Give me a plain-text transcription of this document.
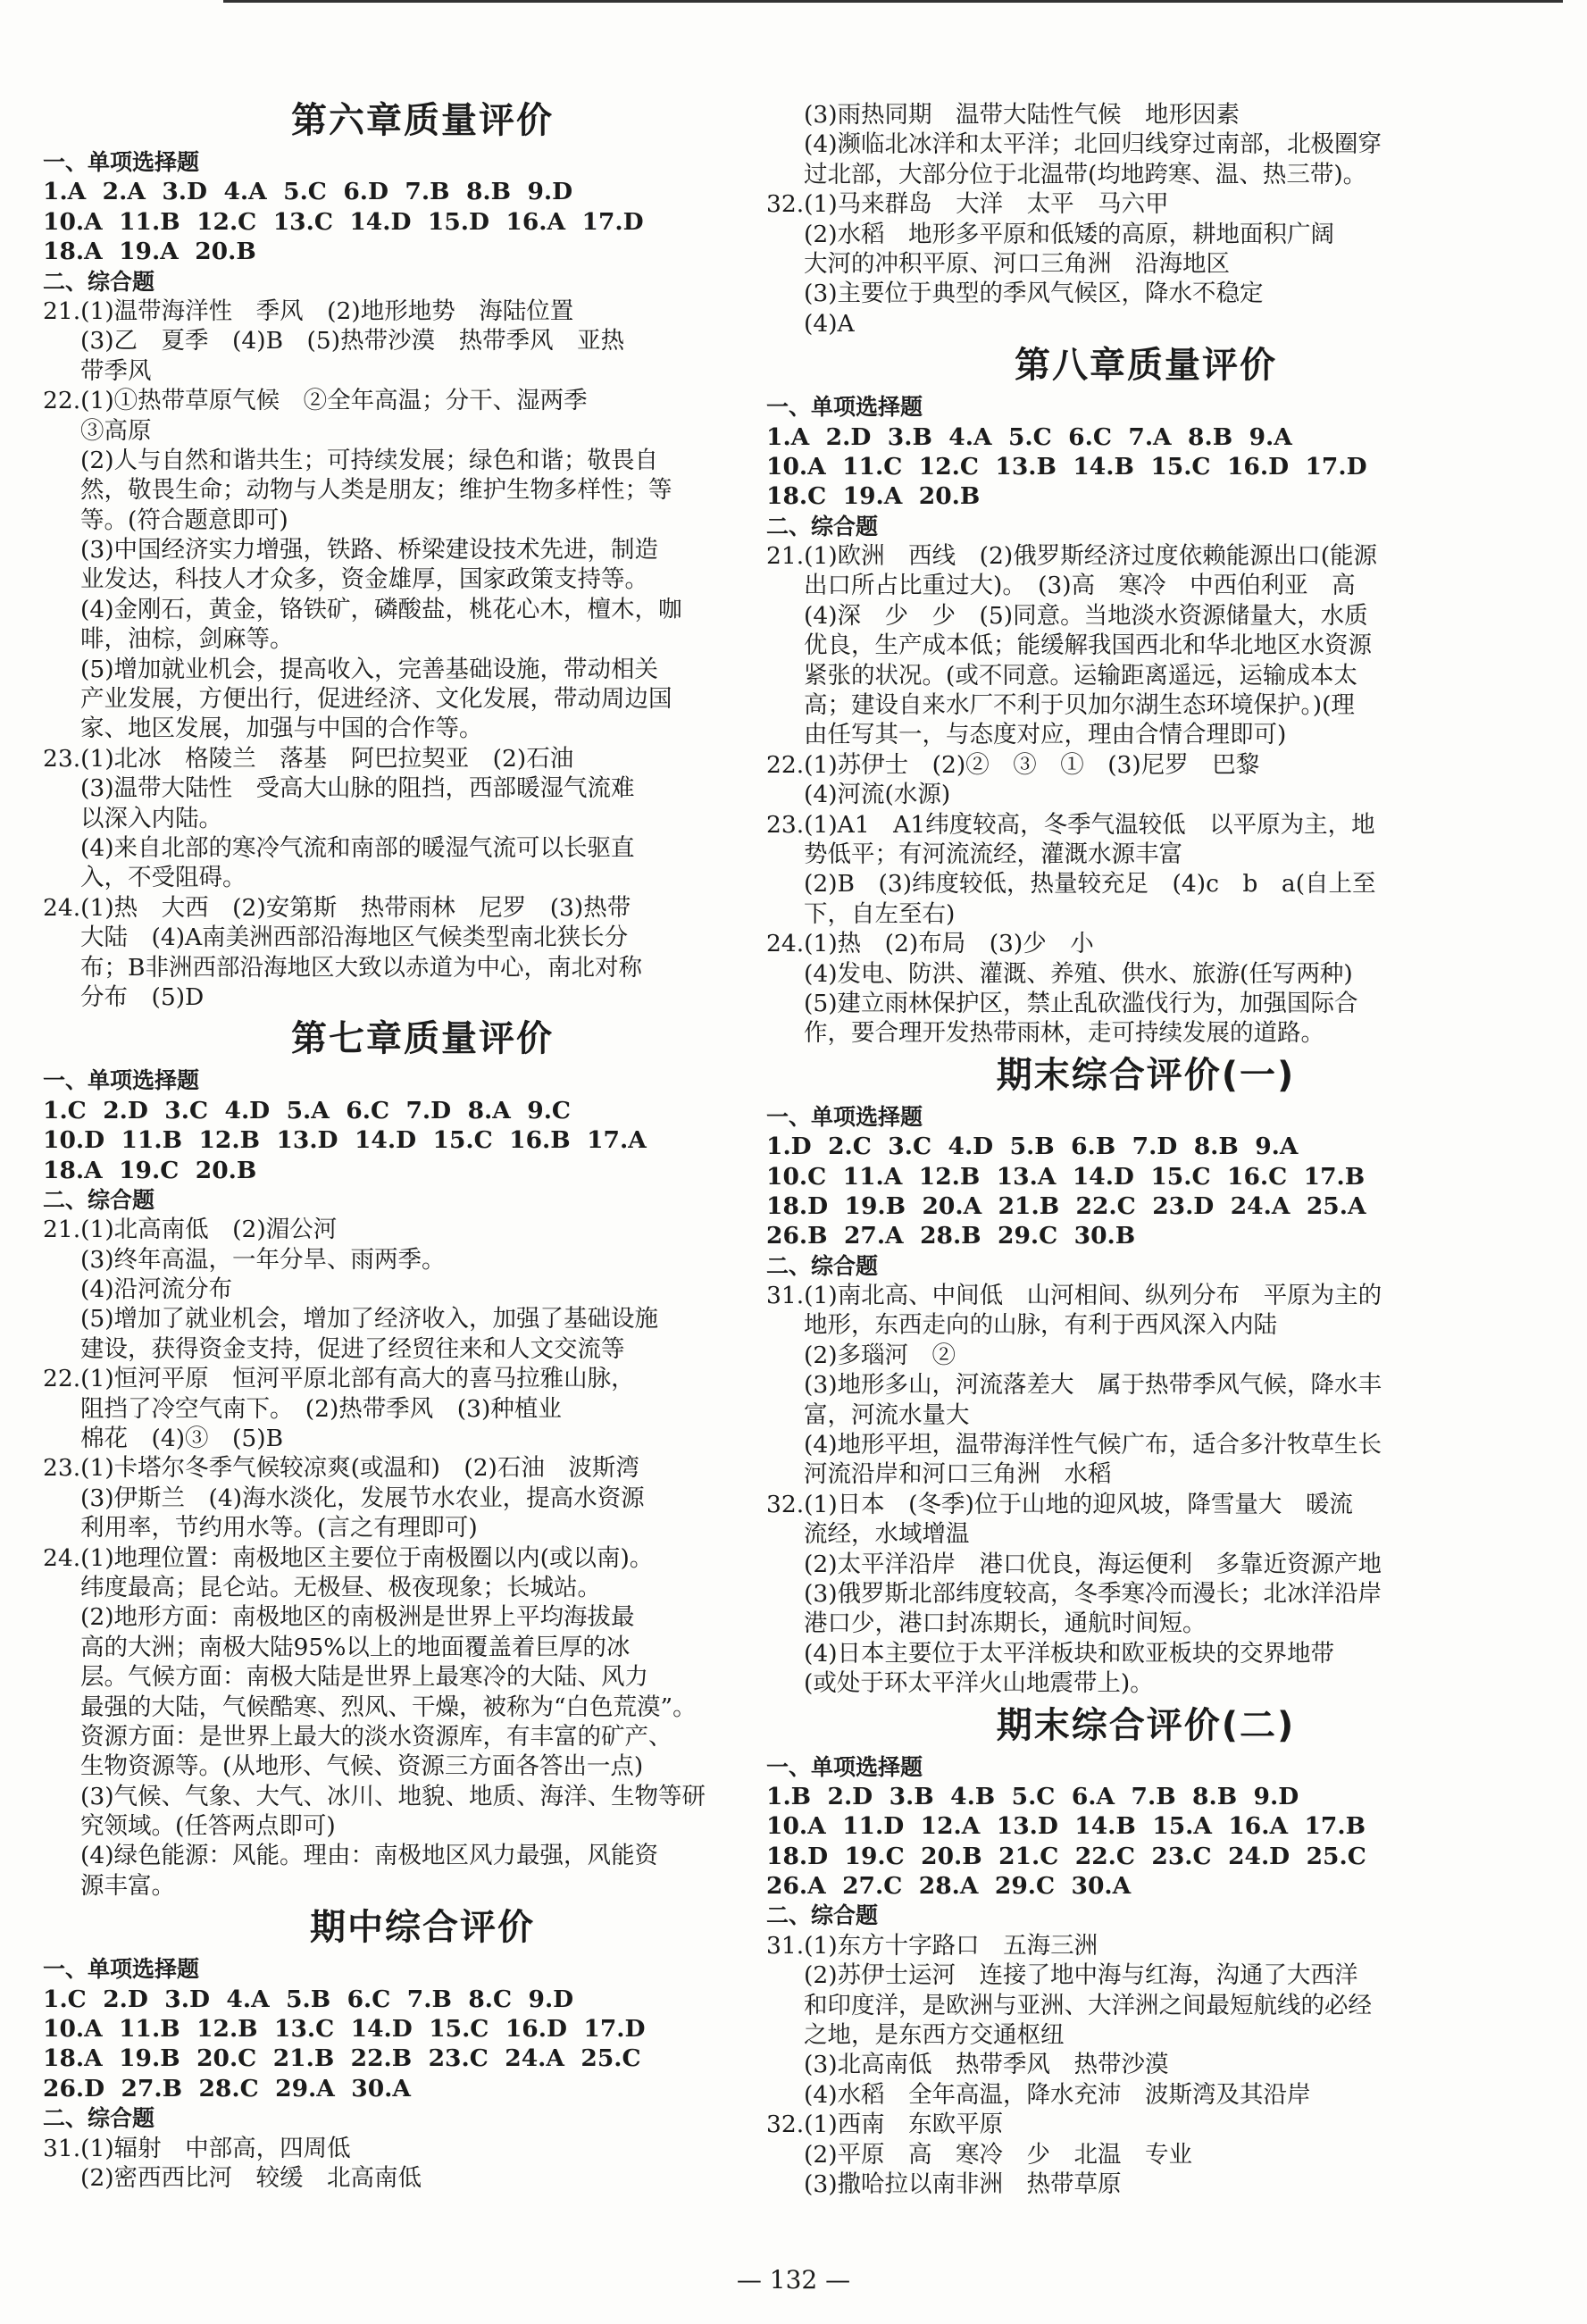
第六章质量评价
一、单项选择题
1.A  2.A  3.D  4.A  5.C  6.D  7.B  8.B  9.D
10.A  11.B  12.C  13.C  14.D  15.D  16.A  17.D
18.A  19.A  20.B
二、综合题
21.(1)温带海洋性　季风　(2)地形地势　海陆位置
(3)乙　夏季　(4)B　(5)热带沙漠　热带季风　亚热
带季风
22.(1)①热带草原气候　②全年高温；分干、湿两季
③高原
(2)人与自然和谐共生；可持续发展；绿色和谐；敬畏自
然，敬畏生命；动物与人类是朋友；维护生物多样性；等
等。(符合题意即可)
(3)中国经济实力增强，铁路、桥梁建设技术先进，制造
业发达，科技人才众多，资金雄厚，国家政策支持等。
(4)金刚石，黄金，铬铁矿，磷酸盐，桃花心木，檀木，咖
啡，油棕，剑麻等。
(5)增加就业机会，提高收入，完善基础设施，带动相关
产业发展，方便出行，促进经济、文化发展，带动周边国
家、地区发展，加强与中国的合作等。
23.(1)北冰　格陵兰　落基　阿巴拉契亚　(2)石油
(3)温带大陆性　受高大山脉的阻挡，西部暖湿气流难
以深入内陆。
(4)来自北部的寒冷气流和南部的暖湿气流可以长驱直
入，不受阻碍。
24.(1)热　大西　(2)安第斯　热带雨林　尼罗　(3)热带
大陆　(4)A南美洲西部沿海地区气候类型南北狭长分
布；B非洲西部沿海地区大致以赤道为中心，南北对称
分布　(5)D
第七章质量评价
一、单项选择题
1.C  2.D  3.C  4.D  5.A  6.C  7.D  8.A  9.C
10.D  11.B  12.B  13.D  14.D  15.C  16.B  17.A
18.A  19.C  20.B
二、综合题
21.(1)北高南低　(2)湄公河
(3)终年高温，一年分旱、雨两季。
(4)沿河流分布
(5)增加了就业机会，增加了经济收入，加强了基础设施
建设，获得资金支持，促进了经贸往来和人文交流等
22.(1)恒河平原　恒河平原北部有高大的喜马拉雅山脉，
阻挡了冷空气南下。　(2)热带季风　(3)种植业
棉花　(4)③　(5)B
23.(1)卡塔尔冬季气候较凉爽(或温和)　(2)石油　波斯湾
(3)伊斯兰　(4)海水淡化，发展节水农业，提高水资源
利用率，节约用水等。(言之有理即可)
24.(1)地理位置：南极地区主要位于南极圈以内(或以南)。
纬度最高；昆仑站。无极昼、极夜现象；长城站。
(2)地形方面：南极地区的南极洲是世界上平均海拔最
高的大洲；南极大陆95%以上的地面覆盖着巨厚的冰
层。气候方面：南极大陆是世界上最寒冷的大陆、风力
最强的大陆，气候酷寒、烈风、干燥，被称为“白色荒漠”。
资源方面：是世界上最大的淡水资源库，有丰富的矿产、
生物资源等。(从地形、气候、资源三方面各答出一点)
(3)气候、气象、大气、冰川、地貌、地质、海洋、生物等研
究领域。(任答两点即可)
(4)绿色能源：风能。理由：南极地区风力最强，风能资
源丰富。
期中综合评价
一、单项选择题
1.C  2.D  3.D  4.A  5.B  6.C  7.B  8.C  9.D
10.A  11.B  12.B  13.C  14.D  15.C  16.D  17.D
18.A  19.B  20.C  21.B  22.B  23.C  24.A  25.C
26.D  27.B  28.C  29.A  30.A
二、综合题
31.(1)辐射　中部高，四周低
(2)密西西比河　较缓　北高南低
(3)雨热同期　温带大陆性气候　地形因素
(4)濒临北冰洋和太平洋；北回归线穿过南部，北极圈穿
过北部，大部分位于北温带(均地跨寒、温、热三带)。
32.(1)马来群岛　大洋　太平　马六甲
(2)水稻　地形多平原和低矮的高原，耕地面积广阔
大河的冲积平原、河口三角洲　沿海地区
(3)主要位于典型的季风气候区，降水不稳定
(4)A
第八章质量评价
一、单项选择题
1.A  2.D  3.B  4.A  5.C  6.C  7.A  8.B  9.A
10.A  11.C  12.C  13.B  14.B  15.C  16.D  17.D
18.C  19.A  20.B
二、综合题
21.(1)欧洲　西线　(2)俄罗斯经济过度依赖能源出口(能源
出口所占比重过大)。　(3)高　寒冷　中西伯利亚　高
(4)深　少　少　(5)同意。当地淡水资源储量大，水质
优良，生产成本低；能缓解我国西北和华北地区水资源
紧张的状况。(或不同意。运输距离遥远，运输成本太
高；建设自来水厂不利于贝加尔湖生态环境保护。)(理
由任写其一，与态度对应，理由合情合理即可)
22.(1)苏伊士　(2)②　③　①　(3)尼罗　巴黎
(4)河流(水源)
23.(1)A1　A1纬度较高，冬季气温较低　以平原为主，地
势低平；有河流流经，灌溉水源丰富
(2)B　(3)纬度较低，热量较充足　(4)c　b　a(自上至
下，自左至右)
24.(1)热　(2)布局　(3)少　小
(4)发电、防洪、灌溉、养殖、供水、旅游(任写两种)
(5)建立雨林保护区，禁止乱砍滥伐行为，加强国际合
作，要合理开发热带雨林，走可持续发展的道路。
期末综合评价(一)
一、单项选择题
1.D  2.C  3.C  4.D  5.B  6.B  7.D  8.B  9.A
10.C  11.A  12.B  13.A  14.D  15.C  16.C  17.B
18.D  19.B  20.A  21.B  22.C  23.D  24.A  25.A
26.B  27.A  28.B  29.C  30.B
二、综合题
31.(1)南北高、中间低　山河相间、纵列分布　平原为主的
地形，东西走向的山脉，有利于西风深入内陆
(2)多瑙河　②
(3)地形多山，河流落差大　属于热带季风气候，降水丰
富，河流水量大
(4)地形平坦，温带海洋性气候广布，适合多汁牧草生长
河流沿岸和河口三角洲　水稻
32.(1)日本　(冬季)位于山地的迎风坡，降雪量大　暖流
流经，水域增温
(2)太平洋沿岸　港口优良，海运便利　多靠近资源产地
(3)俄罗斯北部纬度较高，冬季寒冷而漫长；北冰洋沿岸
港口少，港口封冻期长，通航时间短。
(4)日本主要位于太平洋板块和欧亚板块的交界地带
(或处于环太平洋火山地震带上)。
期末综合评价(二)
一、单项选择题
1.B  2.D  3.B  4.B  5.C  6.A  7.B  8.B  9.D
10.A  11.D  12.A  13.D  14.B  15.A  16.A  17.B
18.D  19.C  20.B  21.C  22.C  23.C  24.D  25.C
26.A  27.C  28.A  29.C  30.A
二、综合题
31.(1)东方十字路口　五海三洲
(2)苏伊士运河　连接了地中海与红海，沟通了大西洋
和印度洋，是欧洲与亚洲、大洋洲之间最短航线的必经
之地，是东西方交通枢纽
(3)北高南低　热带季风　热带沙漠
(4)水稻　全年高温，降水充沛　波斯湾及其沿岸
32.(1)西南　东欧平原
(2)平原　高　寒冷　少　北温　专业
(3)撒哈拉以南非洲　热带草原
— 132 —
